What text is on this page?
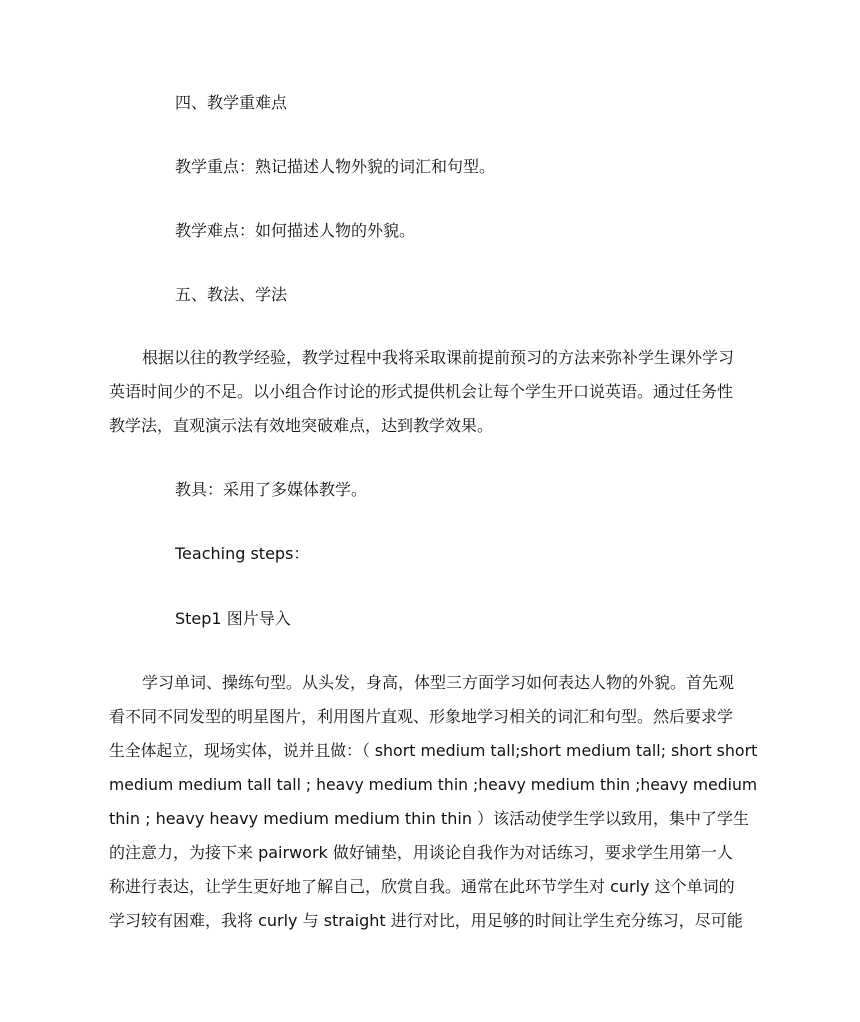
四、教学重难点
教学重点：熟记描述人物外貌的词汇和句型。
教学难点：如何描述人物的外貌。
五、教法、学法
根据以往的教学经验，教学过程中我将采取课前提前预习的方法来弥补学生课外学习
英语时间少的不足。以小组合作讨论的形式提供机会让每个学生开口说英语。通过任务性
教学法，直观演示法有效地突破难点，达到教学效果。
教具：采用了多媒体教学。
Teaching steps：
Step1 图片导入
学习单词、操练句型。从头发，身高，体型三方面学习如何表达人物的外貌。首先观
看不同不同发型的明星图片，利用图片直观、形象地学习相关的词汇和句型。然后要求学
生全体起立，现场实体，说并且做：（ short medium tall;short medium tall; short short
medium medium tall tall ; heavy medium thin ;heavy medium thin ;heavy medium
thin ; heavy heavy medium medium thin thin ）该活动使学生学以致用，集中了学生
的注意力，为接下来 pairwork 做好铺垫，用谈论自我作为对话练习，要求学生用第一人
称进行表达，让学生更好地了解自己，欣赏自我。通常在此环节学生对 curly 这个单词的
学习较有困难，我将 curly 与 straight 进行对比，用足够的时间让学生充分练习，尽可能
